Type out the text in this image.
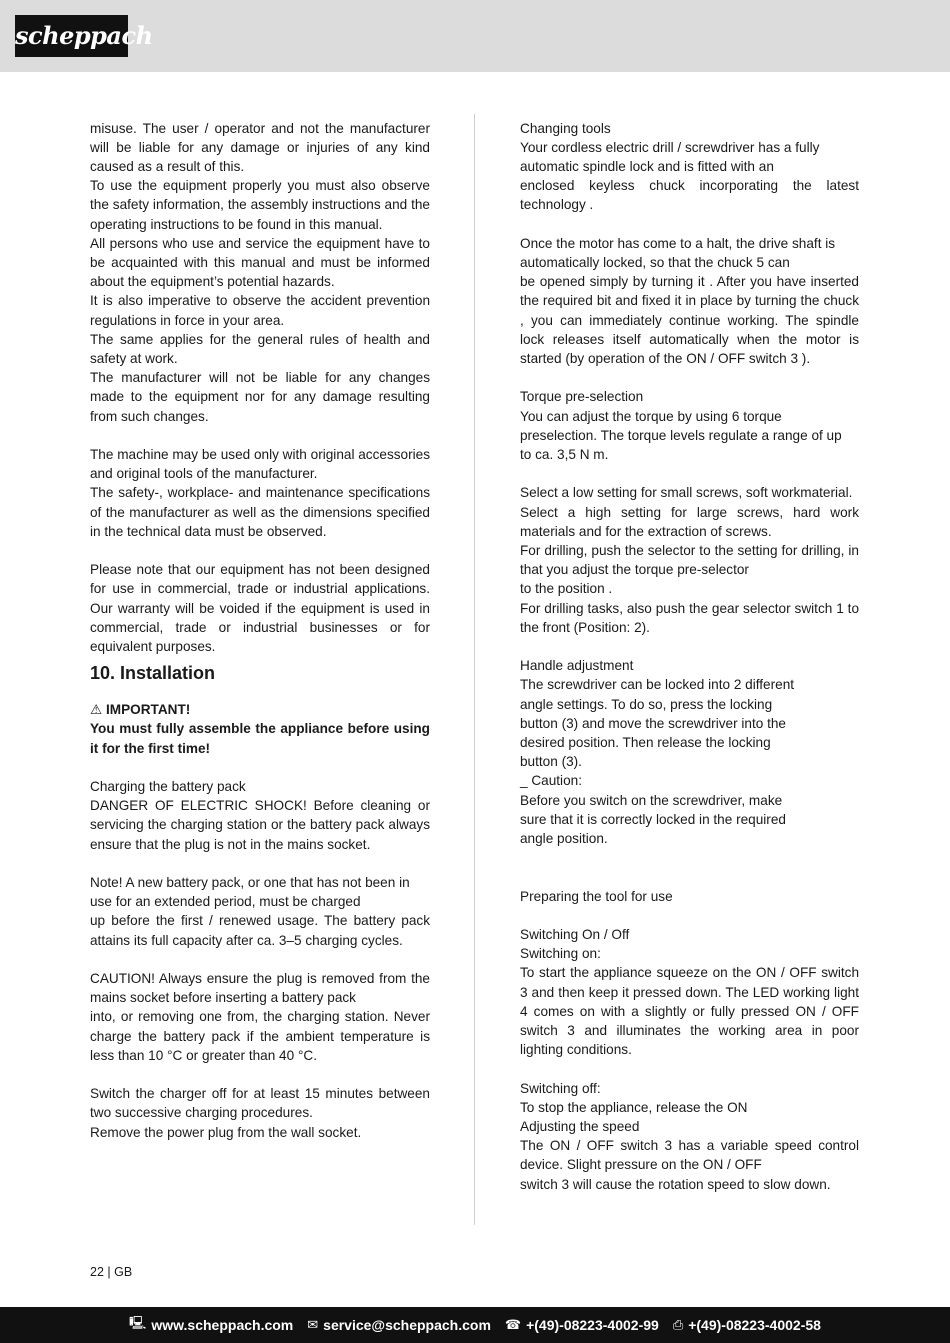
scheppach

misuse. The user / operator and not the manufacturer will be liable for any damage or injuries of any kind caused as a result of this.

To use the equipment properly you must also observe the safety information, the assembly instructions and the operating instructions to be found in this manual.

All persons who use and service the equipment have to be acquainted with this manual and must be informed about the equipment’s potential hazards.

It is also imperative to observe the accident prevention regulations in force in your area.

The same applies for the general rules of health and safety at work.

The manufacturer will not be liable for any changes made to the equipment nor for any damage resulting from such changes.

The machine may be used only with original accessories and original tools of the manufacturer.

The safety-, workplace- and maintenance specifications of the manufacturer as well as the dimensions specified in the technical data must be observed.

Please note that our equipment has not been designed for use in commercial, trade or industrial applications. Our warranty will be voided if the equipment is used in commercial, trade or industrial businesses or for equivalent purposes.

10. Installation

⚠ IMPORTANT!

You must fully assemble the appliance before using it for the first time!

Charging the battery pack

DANGER OF ELECTRIC SHOCK! Before cleaning or servicing the charging station or the battery pack always ensure that the plug is not in the mains socket.

Note! A new battery pack, or one that has not been in

use for an extended period, must be charged

up before the first / renewed usage. The battery pack attains its full capacity after ca. 3–5 charging cycles.

CAUTION! Always ensure the plug is removed from the mains socket before inserting a battery pack

into, or removing one from, the charging station. Never charge the battery pack if the ambient temperature is less than 10 °C or greater than 40 °C.

Switch the charger off for at least 15 minutes between two successive charging procedures.

Remove the power plug from the wall socket.

Changing tools

Your cordless electric drill / screwdriver has a fully automatic spindle lock and is fitted with an

enclosed keyless chuck incorporating the latest technology .

Once the motor has come to a halt, the drive shaft is automatically locked, so that the chuck 5 can

be opened simply by turning it . After you have inserted the required bit and fixed it in place by turning the chuck , you can immediately continue working. The spindle lock releases itself automatically when the motor is started (by operation of the ON / OFF switch 3 ).

Torque pre-selection

You can adjust the torque by using 6 torque preselection. The torque levels regulate a range of up

to ca. 3,5 N m.

Select a low setting for small screws, soft workmaterial.

Select a high setting for large screws, hard work materials and for the extraction of screws.

For drilling, push the selector to the setting for drilling, in that you adjust the torque pre-selector

to the position .

For drilling tasks, also push the gear selector switch 1 to the front (Position: 2).

Handle adjustment

The screwdriver can be locked into 2 different

angle settings. To do so, press the locking

button (3) and move the screwdriver into the

desired position. Then release the locking

button (3).

_ Caution:

Before you switch on the screwdriver, make

sure that it is correctly locked in the required

angle position.

Preparing the tool for use

Switching On / Off

Switching on:

To start the appliance squeeze on the ON / OFF switch 3 and then keep it pressed down. The LED working light 4 comes on with a slightly or fully pressed ON / OFF switch 3 and illuminates the working area in poor lighting conditions.

Switching off:

To stop the appliance, release the ON

Adjusting the speed

The ON / OFF switch 3 has a variable speed control device. Slight pressure on the ON / OFF

switch 3 will cause the rotation speed to slow down.

22 | GB
🖳︎ www.scheppach.com ✉︎ service@scheppach.com ☎︎ +(49)-08223-4002-99 ⎙ +(49)-08223-4002-58
